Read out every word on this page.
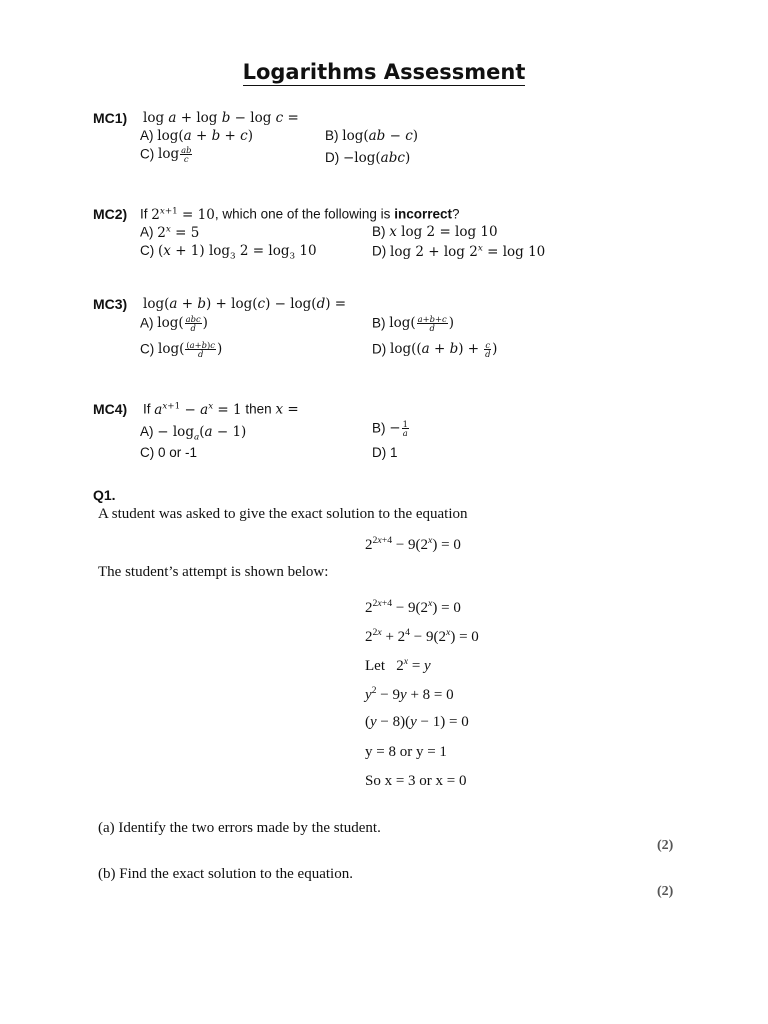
Logarithms Assessment
MC1) log a + log b − log c =
A) log(a + b + c)	B) log(ab − c)
C) $\log \frac{ab}{c}$	D) −log(abc)
MC2) If $2^{x+1} = 10$, which one of the following is incorrect?
A) $2^x = 5$	B) x log 2 = log 10
C) (x + 1) $\log_3 2 = \log_3 10$	D) $\log 2 + \log 2^x = \log 10$
MC3) log(a + b) + log(c) − log(d) =
A) $\log( \frac{\text{abc}}{d}$ )	B) $\log( \frac{a+b+c}{d}$ )
C) $\log( \frac{(a+b)c}{d}$ )	D) $\log((a + b) + \frac{c}{d}$ )
MC4) If $a^{x+1} - a^x = 1$ then x =
$A) - \log_a(a - 1)$	$B) - \frac{1}{a}$
C) 0 or -1	D) 1
Q1.
A student was asked to give the exact solution to the equation
$2^{2x+4} - 9(2^x) = 0$
The student’s attempt is shown below:
$2^{2x+4} - 9(2^x) = 0$
$2^{2x} + 2^4 - 9(2^x) = 0$
Let   $2^x = y$
$y^2 - 9y + 8 = 0$
(y − 8)(y − 1) = 0
y = 8 or y = 1
So x = 3 or x = 0
(a) Identify the two errors made by the student.
(2)
(b) Find the exact solution to the equation.
(2)
